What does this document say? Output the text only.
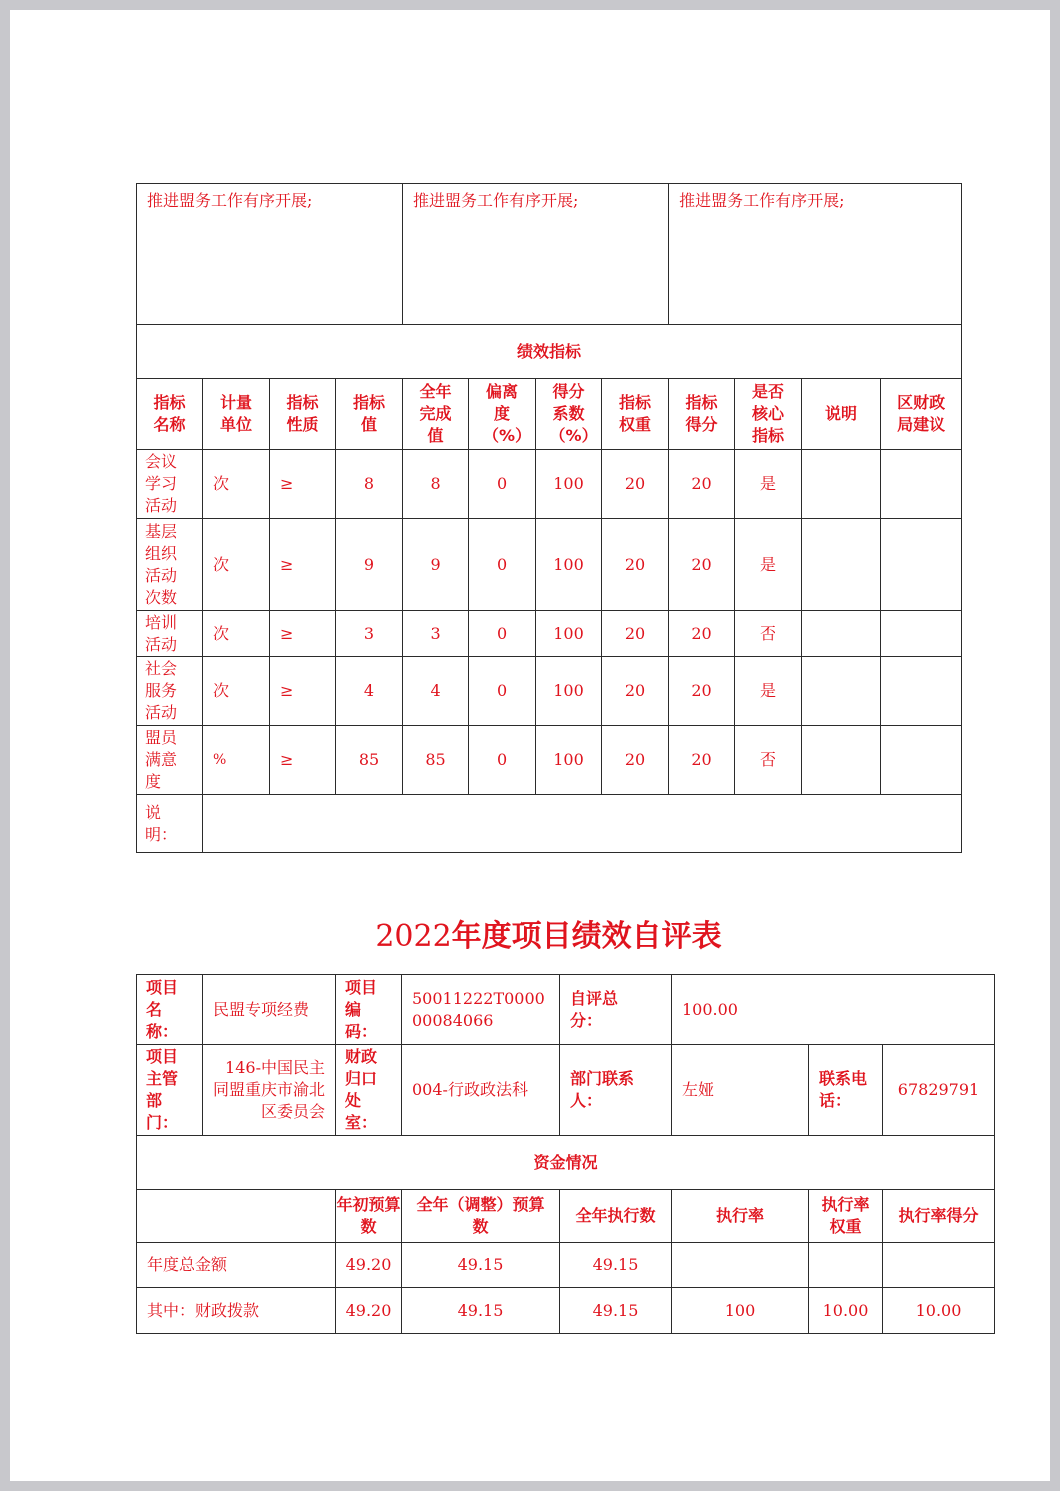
推进盟务工作有序开展;				推进盟务工作有序开展;				推进盟务工作有序开展;			
绩效指标											

指标名称	计量单位	指标性质	指标值	全年完成值	偏离度（%）	得分系数（%）	指标权重	指标得分	是否核心指标	说明	区财政局建议

会议学习活动	次	≥	8	8	0	100	20	20	是		

基层组织活动次数	次	≥	9	9	0	100	20	20	是		

培训活动	次	≥	3	3	0	100	20	20	否		

社会服务活动	次	≥	4	4	0	100	20	20	是		

盟员满意度	%	≥	85	85	0	100	20	20	否		

说明：											

2022年度项目绩效自评表
项目名称：	民盟专项经费	项目编码：	50011222T000000084066	自评总分：	100.00		

项目主管部门：	146-中国民主同盟重庆市渝北区委员会	财政归口处室：	004-行政政法科	部门联系人：	左娅	联系电话：	67829791
资金情况							
		年初预算数	全年（调整）预算数	全年执行数	执行率	执行率权重	执行率得分
年度总金额		49.20	49.15	49.15			

其中：财政拨款		49.20	49.15	49.15	100	10.00	10.00
